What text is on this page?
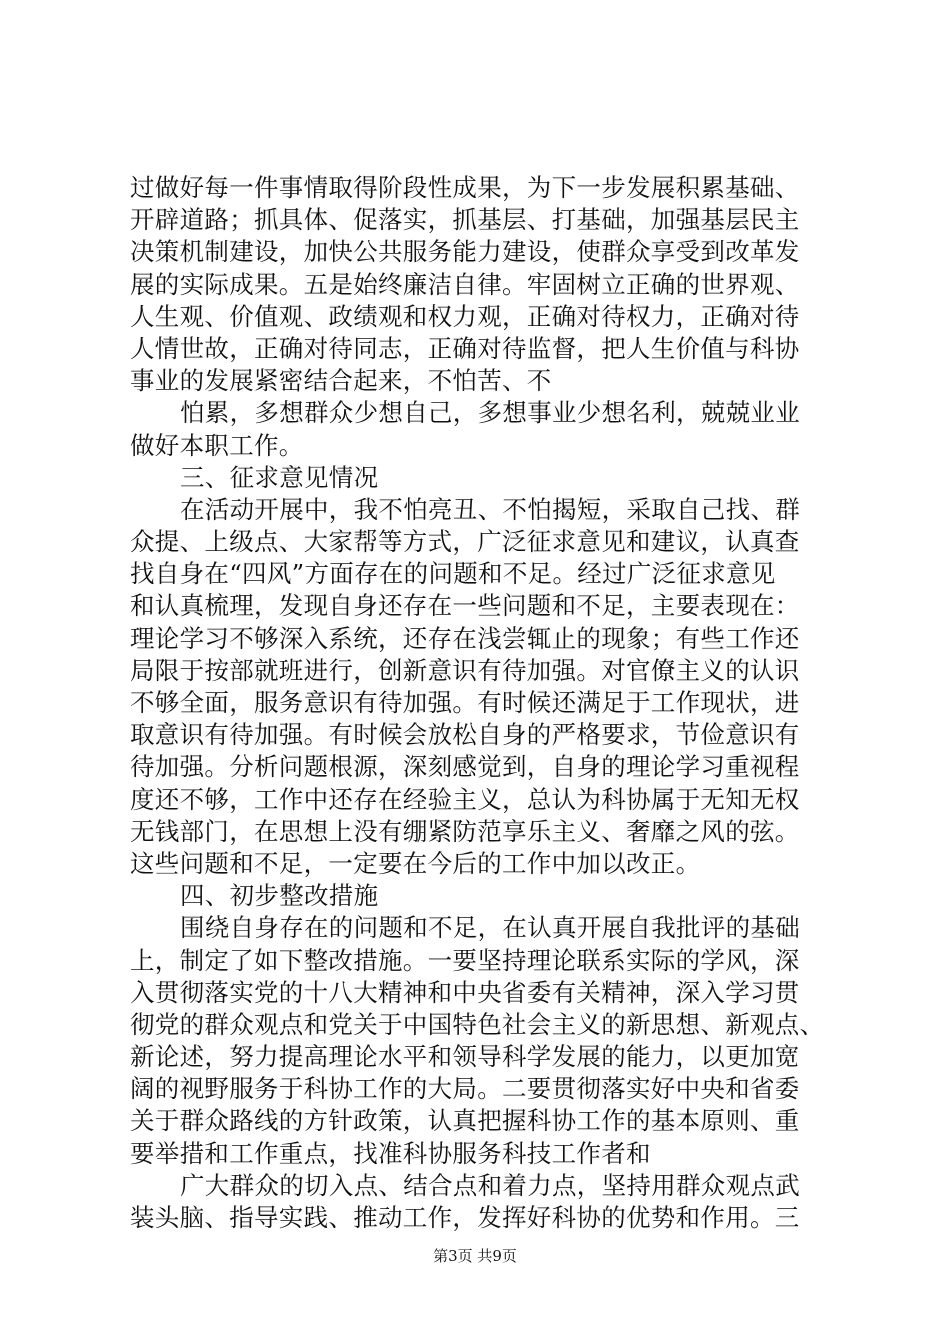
过做好每一件事情取得阶段性成果，为下一步发展积累基础、
开辟道路；抓具体、促落实，抓基层、打基础，加强基层民主
决策机制建设，加快公共服务能力建设，使群众享受到改革发
展的实际成果。五是始终廉洁自律。牢固树立正确的世界观、
人生观、价值观、政绩观和权力观，正确对待权力，正确对待
人情世故，正确对待同志，正确对待监督，把人生价值与科协
事业的发展紧密结合起来，不怕苦、不
怕累，多想群众少想自己，多想事业少想名利，兢兢业业
做好本职工作。
三、征求意见情况
在活动开展中，我不怕亮丑、不怕揭短，采取自己找、群
众提、上级点、大家帮等方式，广泛征求意见和建议，认真查
找自身在“四风”方面存在的问题和不足。经过广泛征求意见
和认真梳理，发现自身还存在一些问题和不足，主要表现在：
理论学习不够深入系统，还存在浅尝辄止的现象；有些工作还
局限于按部就班进行，创新意识有待加强。对官僚主义的认识
不够全面，服务意识有待加强。有时候还满足于工作现状，进
取意识有待加强。有时候会放松自身的严格要求，节俭意识有
待加强。分析问题根源，深刻感觉到，自身的理论学习重视程
度还不够，工作中还存在经验主义，总认为科协属于无知无权
无钱部门，在思想上没有绷紧防范享乐主义、奢靡之风的弦。
这些问题和不足，一定要在今后的工作中加以改正。
四、初步整改措施
围绕自身存在的问题和不足，在认真开展自我批评的基础
上，制定了如下整改措施。一要坚持理论联系实际的学风，深
入贯彻落实党的十八大精神和中央省委有关精神，深入学习贯
彻党的群众观点和党关于中国特色社会主义的新思想、新观点、
新论述，努力提高理论水平和领导科学发展的能力，以更加宽
阔的视野服务于科协工作的大局。二要贯彻落实好中央和省委
关于群众路线的方针政策，认真把握科协工作的基本原则、重
要举措和工作重点，找准科协服务科技工作者和
广大群众的切入点、结合点和着力点，坚持用群众观点武
装头脑、指导实践、推动工作，发挥好科协的优势和作用。三
第3页 共9页
